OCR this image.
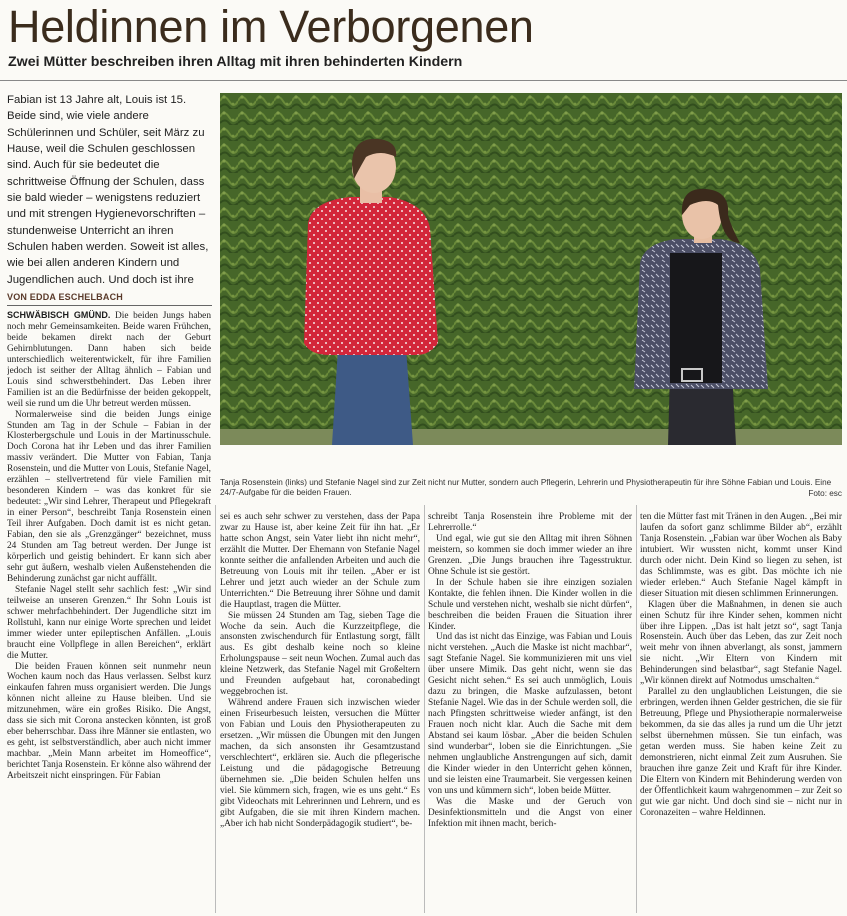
Heldinnen im Verborgenen
Zwei Mütter beschreiben ihren Alltag mit ihren behinderten Kindern
Fabian ist 13 Jahre alt, Louis ist 15. Beide sind, wie viele andere Schülerinnen und Schüler, seit März zu Hause, weil die Schulen geschlossen sind. Auch für sie bedeutet die schrittweise Öffnung der Schulen, dass sie bald wieder – wenigstens reduziert und mit strengen Hygienevorschriften – stundenweise Unterricht an ihren Schulen haben werden. Soweit ist alles, wie bei allen anderen Kindern und Jugendlichen auch. Und doch ist ihre
VON EDDA ESCHELBACH
Tanja Rosenstein (links) und Stefanie Nagel sind zur Zeit nicht nur Mutter, sondern auch Pflegerin, Lehrerin und Physiotherapeutin für ihre Söhne Fabian und Louis. Eine 24/7-Aufgabe für die beiden Frauen.	Foto: esc

SCHWÄBISCH GMÜND. Die beiden Jungs haben noch mehr Gemeinsamkeiten. Beide waren Frühchen, beide bekamen direkt nach der Geburt Gehirnblutungen. Dann haben sich beide unterschiedlich weiterentwickelt, für ihre Familien jedoch ist seither der Alltag ähnlich – Fabian und Louis sind schwerstbehindert. Das Leben ihrer Familien ist an die Bedürfnisse der beiden gekoppelt, weil sie rund um die Uhr betreut werden müssen.

Normalerweise sind die beiden Jungs einige Stunden am Tag in der Schule – Fabian in der Klosterbergschule und Louis in der Martinusschule. Doch Corona hat ihr Leben und das ihrer Familien massiv verändert. Die Mutter von Fabian, Tanja Rosenstein, und die Mutter von Louis, Stefanie Nagel, erzählen – stellvertretend für viele Familien mit besonderen Kindern – was das konkret für sie bedeutet: „Wir sind Lehrer, Therapeut und Pflegekraft in einer Person“, beschreibt Tanja Rosenstein einen Teil ihrer Aufgaben. Doch damit ist es nicht getan. Fabian, den sie als „Grenzgänger“ bezeichnet, muss 24 Stunden am Tag betreut werden. Der Junge ist körperlich und geistig behindert. Er kann sich aber sehr gut äußern, weshalb vielen Außenstehenden die Behinderung zunächst gar nicht auffällt.

Stefanie Nagel stellt sehr sachlich fest: „Wir sind teilweise an unseren Grenzen.“ Ihr Sohn Louis ist schwer mehrfachbehindert. Der Jugendliche sitzt im Rollstuhl, kann nur einige Worte sprechen und leidet immer wieder unter epileptischen Anfällen. „Louis braucht eine Vollpflege in allen Bereichen“, erklärt die Mutter.

Die beiden Frauen können seit nunmehr neun Wochen kaum noch das Haus verlassen. Selbst kurz einkaufen fahren muss organisiert werden. Die Jungs können nicht alleine zu Hause bleiben. Und sie mitzunehmen, wäre ein großes Risiko. Die Angst, dass sie sich mit Corona anstecken könnten, ist groß eber beherrschbar. Dass ihre Männer sie entlasten, wo es geht, ist selbstverständlich, aber auch nicht immer machbar. „Mein Mann arbeitet im Homeoffice“, berichtet Tanja Rosenstein. Er könne also während der Arbeitszeit nicht einspringen. Für Fabian

sei es auch sehr schwer zu verstehen, dass der Papa zwar zu Hause ist, aber keine Zeit für ihn hat. „Er hatte schon Angst, sein Vater liebt ihn nicht mehr“, erzählt die Mutter. Der Ehemann von Stefanie Nagel konnte seither die anfallenden Arbeiten und auch die Betreuung von Louis mit ihr teilen. „Aber er ist Lehrer und jetzt auch wieder an der Schule zum Unterrichten.“ Die Betreuung ihrer Söhne und damit die Hauptlast, tragen die Mütter.

Sie müssen 24 Stunden am Tag, sieben Tage die Woche da sein. Auch die Kurzzeitpflege, die ansonsten zwischendurch für Entlastung sorgt, fällt aus. Es gibt deshalb keine noch so kleine Erholungspause – seit neun Wochen. Zumal auch das kleine Netzwerk, das Stefanie Nagel mit Großeltern und Freunden aufgebaut hat, coronabedingt weggebrochen ist.

Während andere Frauen sich inzwischen wieder einen Friseurbesuch leisten, versuchen die Mütter von Fabian und Louis den Physiotherapeuten zu ersetzen. „Wir müssen die Übungen mit den Jungen machen, da sich ansonsten ihr Gesamtzustand verschlechtert“, erklären sie. Auch die pflegerische Leistung und die pädagogische Betreuung übernehmen sie. „Die beiden Schulen helfen uns viel. Sie kümmern sich, fragen, wie es uns geht.“ Es gibt Videochats mit Lehrerinnen und Lehrern, und es gibt Aufgaben, die sie mit ihren Kindern machen. „Aber ich hab nicht Sonderpädagogik studiert“, be-

schreibt Tanja Rosenstein ihre Probleme mit der Lehrerrolle.“

Und egal, wie gut sie den Alltag mit ihren Söhnen meistern, so kommen sie doch immer wieder an ihre Grenzen. „Die Jungs brauchen ihre Tagesstruktur. Ohne Schule ist sie gestört.

In der Schule haben sie ihre einzigen sozialen Kontakte, die fehlen ihnen. Die Kinder wollen in die Schule und verstehen nicht, weshalb sie nicht dürfen“, beschreiben die beiden Frauen die Situation ihrer Kinder.

Und das ist nicht das Einzige, was Fabian und Louis nicht verstehen. „Auch die Maske ist nicht machbar“, sagt Stefanie Nagel. Sie kommunizieren mit uns viel über unsere Mimik. Das geht nicht, wenn sie das Gesicht nicht sehen.“ Es sei auch unmöglich, Louis dazu zu bringen, die Maske aufzulassen, betont Stefanie Nagel. Wie das in der Schule werden soll, die nach Pfingsten schrittweise wieder anfängt, ist den Frauen noch nicht klar. Auch die Sache mit dem Abstand sei kaum lösbar. „Aber die beiden Schulen sind wunderbar“, loben sie die Einrichtungen. „Sie nehmen unglaubliche Anstrengungen auf sich, damit die Kinder wieder in den Unterricht gehen können, und sie leisten eine Traumarbeit. Sie vergessen keinen von uns und kümmern sich“, loben beide Mütter.

Was die Maske und der Geruch von Desinfektionsmitteln und die Angst von einer Infektion mit ihnen macht, berich-

ten die Mütter fast mit Tränen in den Augen. „Bei mir laufen da sofort ganz schlimme Bilder ab“, erzählt Tanja Rosenstein. „Fabian war über Wochen als Baby intubiert. Wir wussten nicht, kommt unser Kind durch oder nicht. Dein Kind so liegen zu sehen, ist das Schlimmste, was es gibt. Das möchte ich nie wieder erleben.“ Auch Stefanie Nagel kämpft in dieser Situation mit diesen schlimmen Erinnerungen.

Klagen über die Maßnahmen, in denen sie auch einen Schutz für ihre Kinder sehen, kommen nicht über ihre Lippen. „Das ist halt jetzt so“, sagt Tanja Rosenstein. Auch über das Leben, das zur Zeit noch weit mehr von ihnen abverlangt, als sonst, jammern sie nicht. „Wir Eltern von Kindern mit Behinderungen sind belastbar“, sagt Stefanie Nagel. „Wir können direkt auf Notmodus umschalten.“

Parallel zu den unglaublichen Leistungen, die sie erbringen, werden ihnen Gelder gestrichen, die sie für Betreuung, Pflege und Physiotherapie normalerweise bekommen, da sie das alles ja rund um die Uhr jetzt selbst übernehmen müssen. Sie tun einfach, was getan werden muss. Sie haben keine Zeit zu demonstrieren, nicht einmal Zeit zum Ausruhen. Sie brauchen ihre ganze Zeit und Kraft für ihre Kinder. Die Eltern von Kindern mit Behinderung werden von der Öffentlichkeit kaum wahrgenommen – zur Zeit so gut wie gar nicht. Und doch sind sie – nicht nur in Coronazeiten – wahre Heldinnen.
